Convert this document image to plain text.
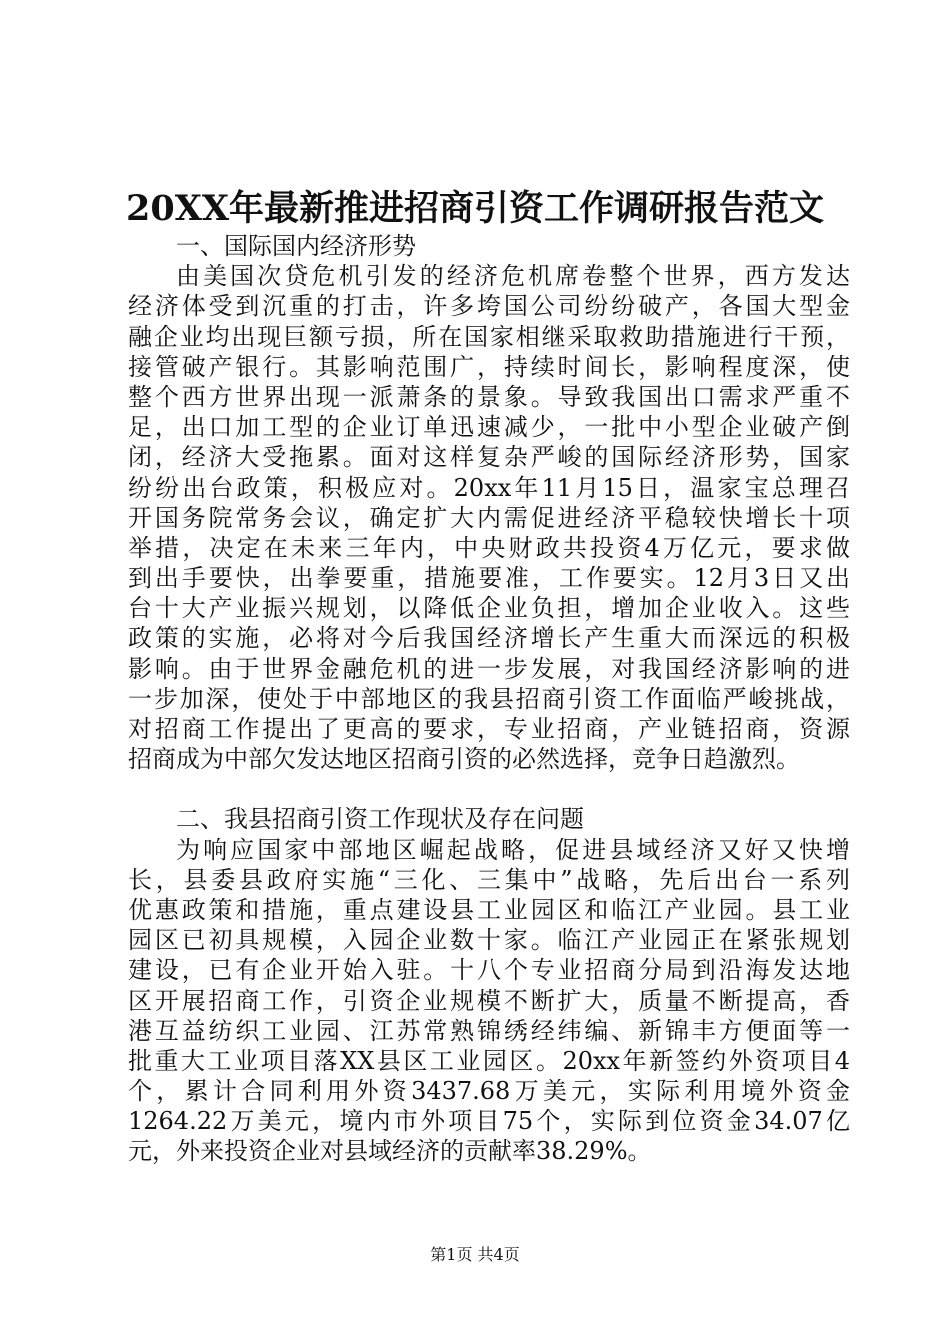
20XX年最新推进招商引资工作调研报告范文
一、国际国内经济形势
由美国次贷危机引发的经济危机席卷整个世界，西方发达
经济体受到沉重的打击，许多垮国公司纷纷破产，各国大型金
融企业均出现巨额亏损，所在国家相继采取救助措施进行干预，
接管破产银行。其影响范围广，持续时间长，影响程度深，使
整个西方世界出现一派萧条的景象。导致我国出口需求严重不
足，出口加工型的企业订单迅速减少，一批中小型企业破产倒
闭，经济大受拖累。面对这样复杂严峻的国际经济形势，国家
纷纷出台政策，积极应对。20xx年11月15日，温家宝总理召
开国务院常务会议，确定扩大内需促进经济平稳较快增长十项
举措，决定在未来三年内，中央财政共投资4万亿元，要求做
到出手要快，出拳要重，措施要准，工作要实。12月3日又出
台十大产业振兴规划，以降低企业负担，增加企业收入。这些
政策的实施，必将对今后我国经济增长产生重大而深远的积极
影响。由于世界金融危机的进一步发展，对我国经济影响的进
一步加深，使处于中部地区的我县招商引资工作面临严峻挑战，
对招商工作提出了更高的要求，专业招商，产业链招商，资源
招商成为中部欠发达地区招商引资的必然选择，竞争日趋激烈。
二、我县招商引资工作现状及存在问题
为响应国家中部地区崛起战略，促进县域经济又好又快增
长，县委县政府实施“三化、三集中”战略，先后出台一系列
优惠政策和措施，重点建设县工业园区和临江产业园。县工业
园区已初具规模，入园企业数十家。临江产业园正在紧张规划
建设，已有企业开始入驻。十八个专业招商分局到沿海发达地
区开展招商工作，引资企业规模不断扩大，质量不断提高，香
港互益纺织工业园、江苏常熟锦绣经纬编、新锦丰方便面等一
批重大工业项目落XX县区工业园区。20xx年新签约外资项目4
个，累计合同利用外资3437.68万美元，实际利用境外资金
1264.22万美元，境内市外项目75个，实际到位资金34.07亿
元，外来投资企业对县域经济的贡献率38.29%。
第1页 共4页
